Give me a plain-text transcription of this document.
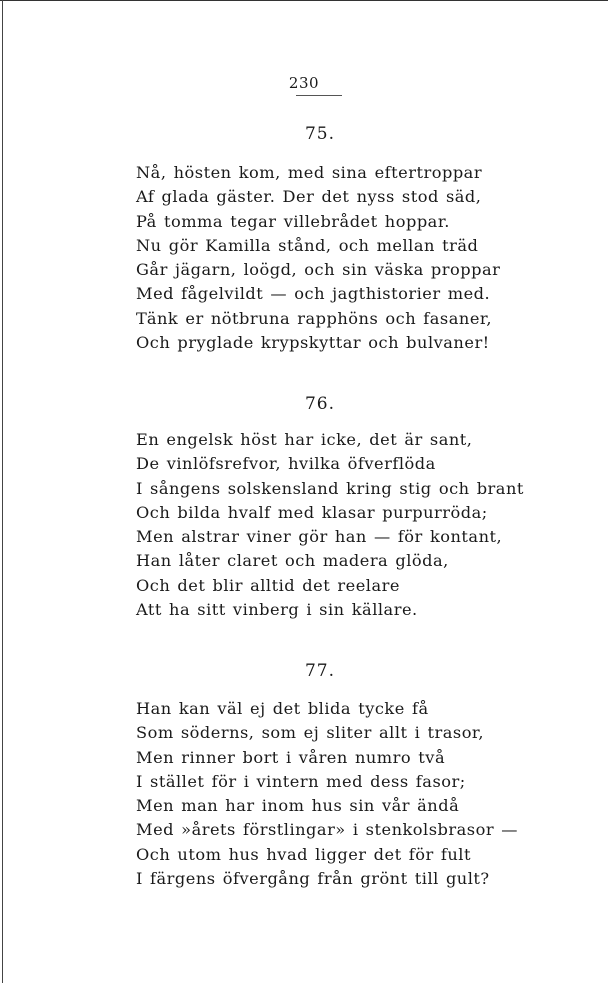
230
75.
Nå, hösten kom, med sina eftertroppar
Af glada gäster. Der det nyss stod säd,
På tomma tegar villebrådet hoppar.
Nu gör Kamilla stånd, och mellan träd
Går jägarn, loögd, och sin väska proppar
Med fågelvildt — och jagthistorier med.
Tänk er nötbruna rapphöns och fasaner,
Och pryglade krypskyttar och bulvaner!
76.
En engelsk höst har icke, det är sant,
De vinlöfsrefvor, hvilka öfverflöda
I sångens solskensland kring stig och brant
Och bilda hvalf med klasar purpurröda;
Men alstrar viner gör han — för kontant,
Han låter claret och madera glöda,
Och det blir alltid det reelare
Att ha sitt vinberg i sin källare.
77.
Han kan väl ej det blida tycke få
Som söderns, som ej sliter allt i trasor,
Men rinner bort i våren numro två
I stället för i vintern med dess fasor;
Men man har inom hus sin vår ändå
Med »årets förstlingar» i stenkolsbrasor —
Och utom hus hvad ligger det för fult
I färgens öfvergång från grönt till gult?
